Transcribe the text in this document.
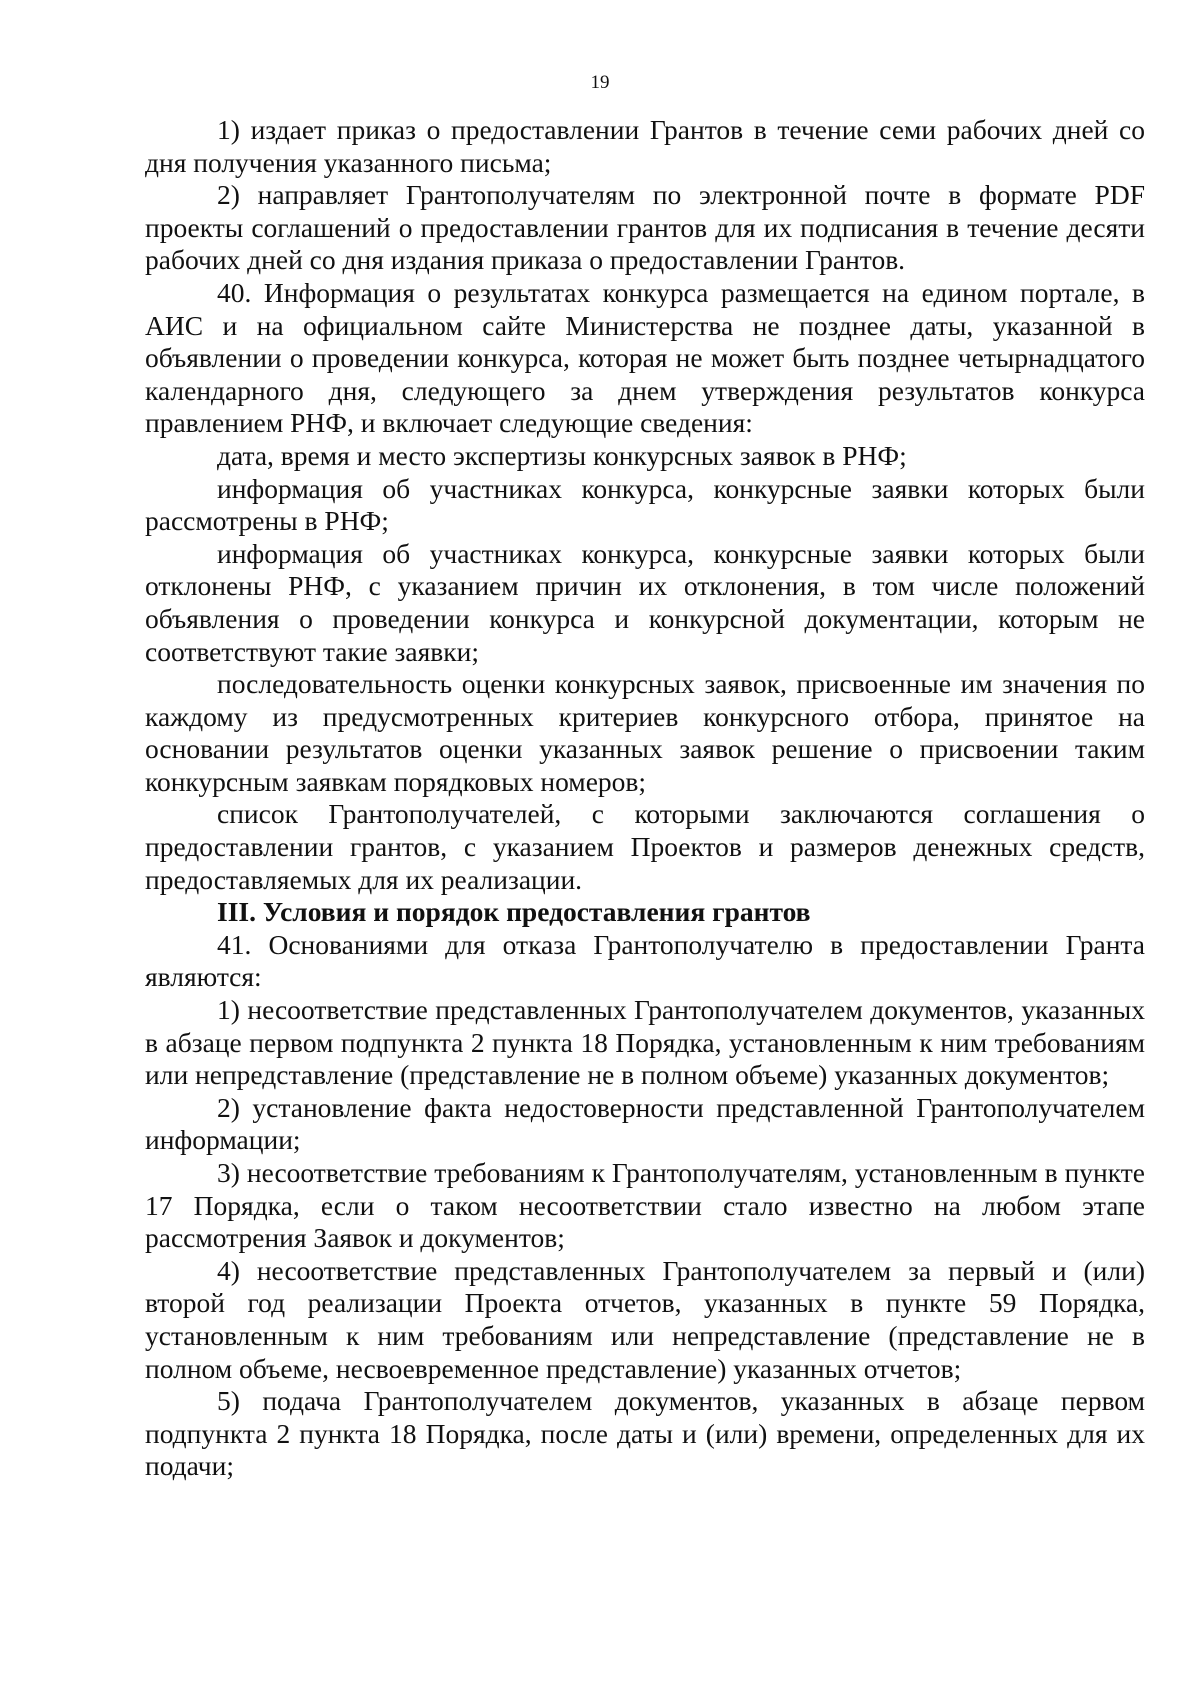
19

1) издает приказ о предоставлении Грантов в течение семи рабочих дней со дня получения указанного письма;

2) направляет Грантополучателям по электронной почте в формате PDF проекты соглашений о предоставлении грантов для их подписания в течение десяти рабочих дней со дня издания приказа о предоставлении Грантов.

40. Информация о результатах конкурса размещается на едином портале, в АИС и на официальном сайте Министерства не позднее даты, указанной в объявлении о проведении конкурса, которая не может быть позднее четырнадцатого календарного дня, следующего за днем утверждения результатов конкурса правлением РНФ, и включает следующие сведения:

дата, время и место экспертизы конкурсных заявок в РНФ;

информация об участниках конкурса, конкурсные заявки которых были рассмотрены в РНФ;

информация об участниках конкурса, конкурсные заявки которых были отклонены РНФ, с указанием причин их отклонения, в том числе положений объявления о проведении конкурса и конкурсной документации, которым не соответствуют такие заявки;

последовательность оценки конкурсных заявок, присвоенные им значения по каждому из предусмотренных критериев конкурсного отбора, принятое на основании результатов оценки указанных заявок решение о присвоении таким конкурсным заявкам порядковых номеров;

список Грантополучателей, с которыми заключаются соглашения о предоставлении грантов, с указанием Проектов и размеров денежных средств, предоставляемых для их реализации.

III. Условия и порядок предоставления грантов

41. Основаниями для отказа Грантополучателю в предоставлении Гранта являются:

1) несоответствие представленных Грантополучателем документов, указанных в абзаце первом подпункта 2 пункта 18 Порядка, установленным к ним требованиям или непредставление (представление не в полном объеме) указанных документов;

2) установление факта недостоверности представленной Грантополучателем информации;

3) несоответствие требованиям к Грантополучателям, установленным в пункте 17 Порядка, если о таком несоответствии стало известно на любом этапе рассмотрения Заявок и документов;

4) несоответствие представленных Грантополучателем за первый и (или) второй год реализации Проекта отчетов, указанных в пункте 59 Порядка, установленным к ним требованиям или непредставление (представление не в полном объеме, несвоевременное представление) указанных отчетов;

5) подача Грантополучателем документов, указанных в абзаце первом подпункта 2 пункта 18 Порядка, после даты и (или) времени, определенных для их подачи;
